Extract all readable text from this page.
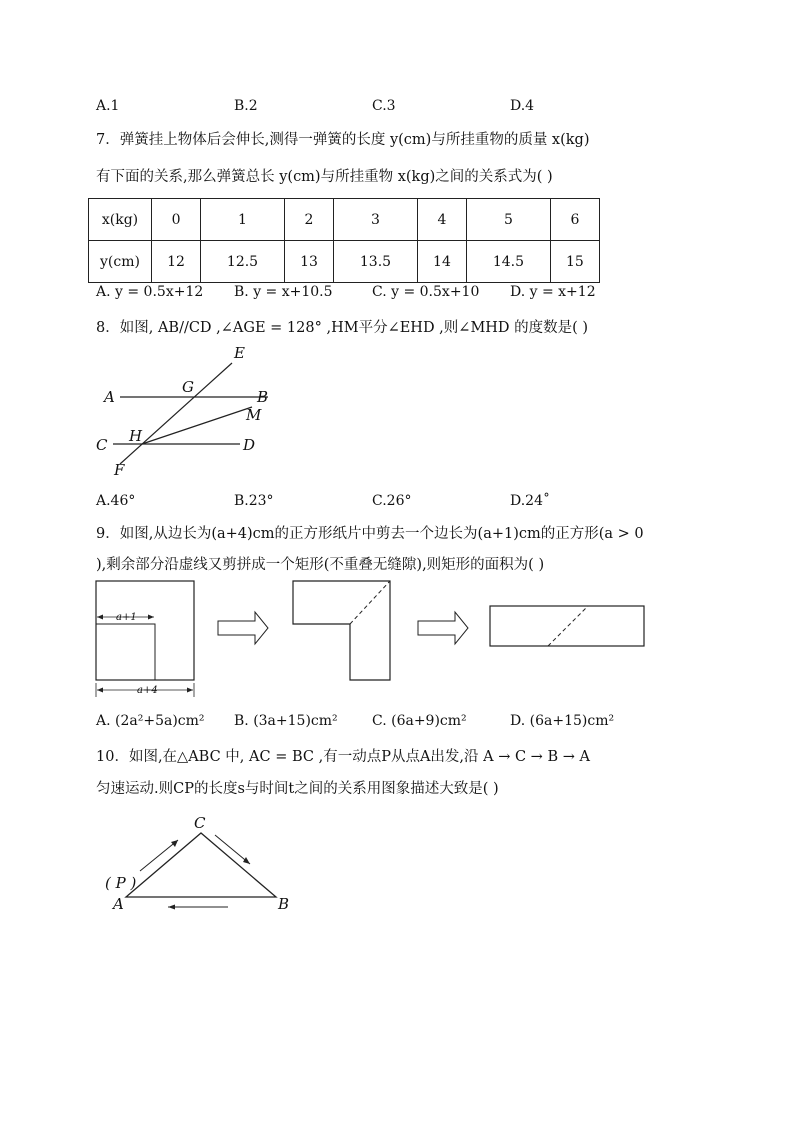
A.1	B.2	C.3	D.4
7．弹簧挂上物体后会伸长,测得一弹簧的长度 y(cm)与所挂重物的质量 x(kg)
有下面的关系,那么弹簧总长 y(cm)与所挂重物 x(kg)之间的关系式为( )
x(kg)	0	1	2	3	4	5	6
y(cm)	12	12.5	13	13.5	14	14.5	15
A. y = 0.5x+12 B. y = x+10.5	C. y = 0.5x+10 D. y = x+12
8．如图, AB//CD ,∠AGE = 128° ,HM平分∠EHD ,则∠MHD 的度数是( )
E
A
G
B
M
C H	D
F
A.46°	B.23°	C.26°	D.24˚
9．如图,从边长为(a+4)cm的正方形纸片中剪去一个边长为(a+1)cm的正方形(a > 0
),剩余部分沿虚线又剪拼成一个矩形(不重叠无缝隙),则矩形的面积为( )
a+1
a+4
A. (2a²+5a)cm² B. (3a+15)cm² C. (6a+9)cm²	D. (6a+15)cm²
10．如图,在△ABC 中, AC = BC ,有一动点P从点A出发,沿 A → C → B → A
匀速运动.则CP的长度s与时间t之间的关系用图象描述大致是( )
C
( P )
A	B
